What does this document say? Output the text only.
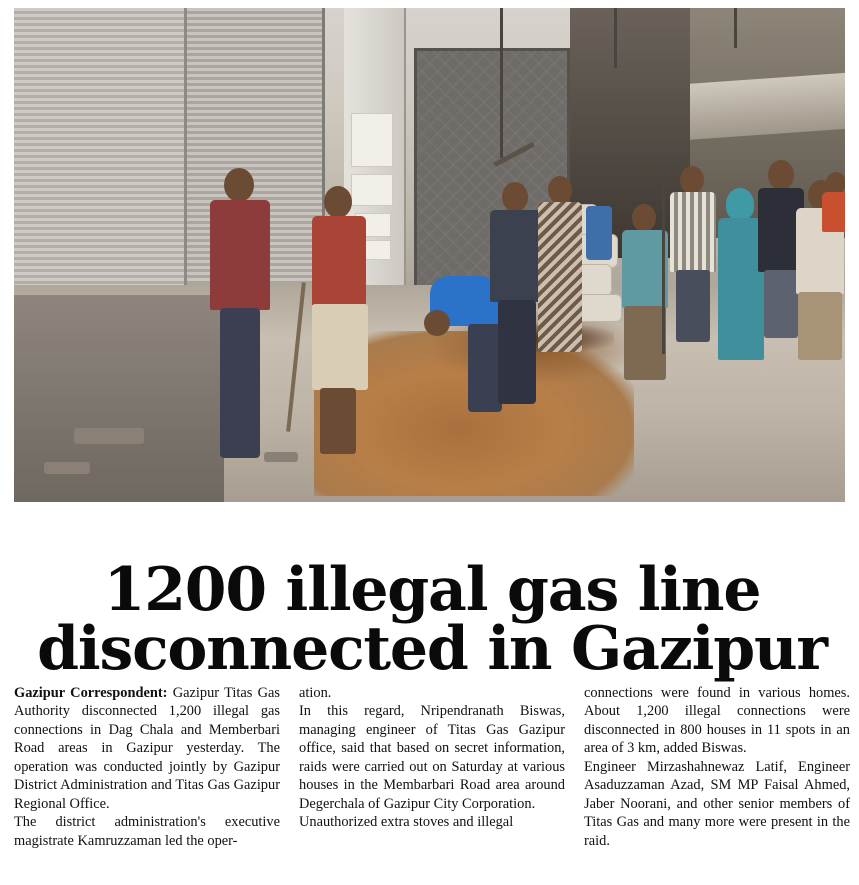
1200 illegal gas line
disconnected in Gazipur

Gazipur Correspondent: Gazipur Titas Gas Authority disconnected 1,200 illegal gas connections in Dag Chala and Memberbari Road areas in Gazipur yesterday. The operation was conducted jointly by Gazipur District Administration and Titas Gas Gazipur Regional Office.

The district administration's executive magistrate Kamruzzaman led the oper-

ation.

In this regard, Nripendranath Biswas, managing engineer of Titas Gas Gazipur office, said that based on secret information, raids were carried out on Saturday at various houses in the Membarbari Road area around Degerchala of Gazipur City Corporation.

Unauthorized extra stoves and illegal

connections were found in various homes. About 1,200 illegal connections were disconnected in 800 houses in 11 spots in an area of 3 km, added Biswas.

Engineer Mirzashahnewaz Latif, Engineer Asaduzzaman Azad, SM MP Faisal Ahmed, Jaber Noorani, and other senior members of Titas Gas and many more were present in the raid.
